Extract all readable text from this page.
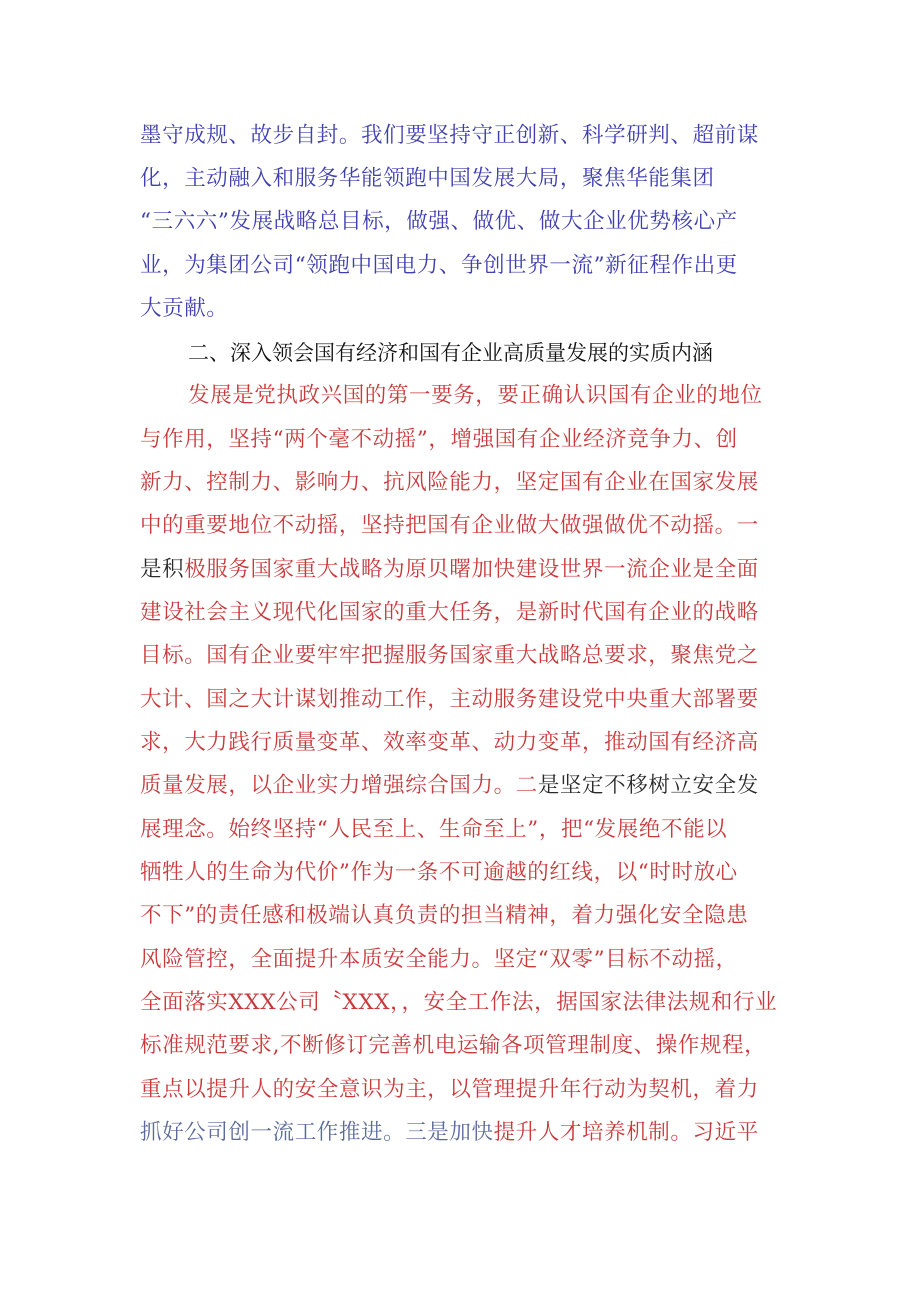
墨守成规、故步自封。我们要坚持守正创新、科学研判、超前谋
化，主动融入和服务华能领跑中国发展大局，聚焦华能集团
“三六六”发展战略总目标，做强、做优、做大企业优势核心产
业，为集团公司“领跑中国电力、争创世界一流”新征程作出更
大贡献。
二、深入领会国有经济和国有企业高质量发展的实质内涵
发展是党执政兴国的第一要务，要正确认识国有企业的地位
与作用，坚持“两个毫不动摇”，增强国有企业经济竞争力、创
新力、控制力、影响力、抗风险能力，坚定国有企业在国家发展
中的重要地位不动摇，坚持把国有企业做大做强做优不动摇。一
是积极服务国家重大战略为原贝曙加快建设世界一流企业是全面
建设社会主义现代化国家的重大任务，是新时代国有企业的战略
目标。国有企业要牢牢把握服务国家重大战略总要求，聚焦党之
大计、国之大计谋划推动工作，主动服务建设党中央重大部署要
求，大力践行质量变革、效率变革、动力变革，推动国有经济高
质量发展，以企业实力增强综合国力。二是坚定不移树立安全发
展理念。始终坚持“人民至上、生命至上”，把“发展绝不能以
牺牲人的生命为代价”作为一条不可逾越的红线，以“时时放心
不下”的责任感和极端认真负责的担当精神，着力强化安全隐患
风险管控，全面提升本质安全能力。坚定“双零”目标不动摇，
全面落实XXX公司〝XXX，，安全工作法，据国家法律法规和行业
标准规范要求,不断修订完善机电运输各项管理制度、操作规程，
重点以提升人的安全意识为主，以管理提升年行动为契机，着力
抓好公司创一流工作推进。三是加快提升人才培养机制。习近平
